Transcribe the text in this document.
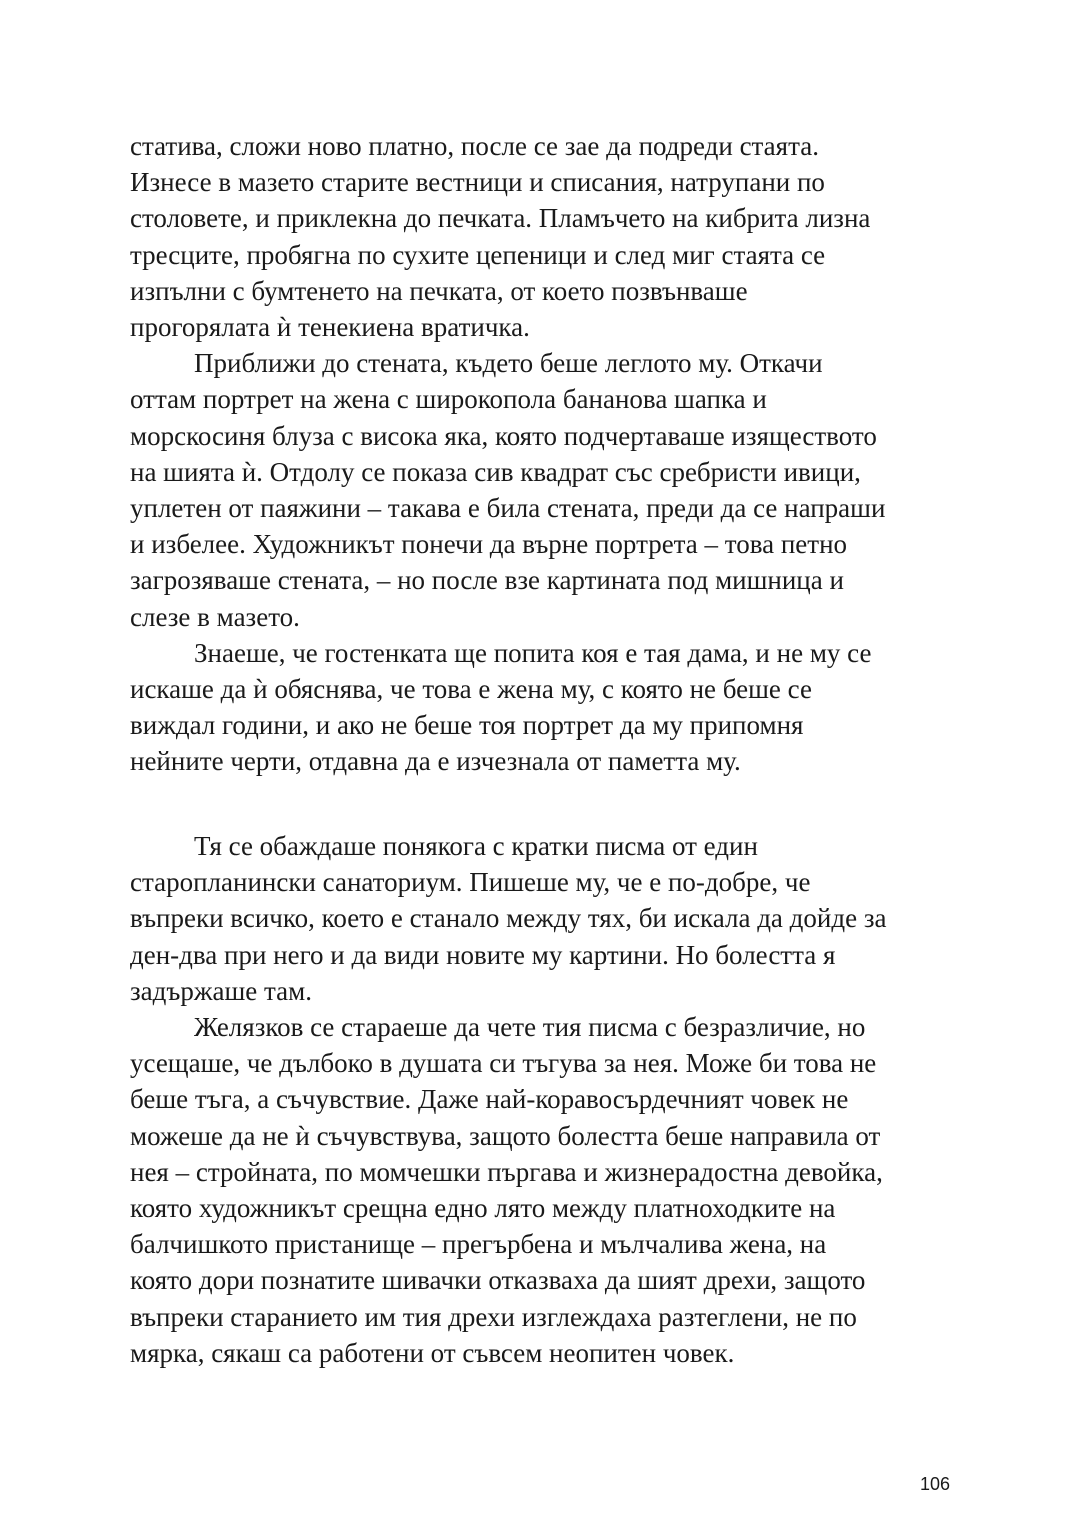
статива, сложи ново платно, после се зае да подреди стаята.
Изнесе в мазето старите вестници и списания, натрупани по
столовете, и приклекна до печката. Пламъчето на кибрита лизна
тресците, пробягна по сухите цепеници и след миг стаята се
изпълни с бумтенето на печката, от което позвънваше
прогорялата ѝ тенекиена вратичка.
Приближи до стената, където беше леглото му. Откачи
оттам портрет на жена с широкопола бананова шапка и
морскосиня блуза с висока яка, която подчертаваше изяществото
на шията ѝ. Отдолу се показа сив квадрат със сребристи ивици,
уплетен от паяжини – такава е била стената, преди да се напраши
и избелее. Художникът понечи да върне портрета – това петно
загрозяваше стената, – но после взе картината под мишница и
слезе в мазето.
Знаеше, че гостенката ще попита коя е тая дама, и не му се
искаше да ѝ обяснява, че това е жена му, с която не беше се
виждал години, и ако не беше тоя портрет да му припомня
нейните черти, отдавна да е изчезнала от паметта му.
Тя се обаждаше понякога с кратки писма от един
старопланински санаториум. Пишеше му, че е по-добре, че
въпреки всичко, което е станало между тях, би искала да дойде за
ден-два при него и да види новите му картини. Но болестта я
задържаше там.
Желязков се стараеше да чете тия писма с безразличие, но
усещаше, че дълбоко в душата си тъгува за нея. Може би това не
беше тъга, а съчувствие. Даже най-коравосърдечният човек не
можеше да не ѝ съчувствува, защото болестта беше направила от
нея – стройната, по момчешки пъргава и жизнерадостна девойка,
която художникът срещна едно лято между платноходките на
балчишкото пристанище – прегърбена и мълчалива жена, на
която дори познатите шивачки отказваха да шият дрехи, защото
въпреки старанието им тия дрехи изглеждаха разтеглени, не по
мярка, сякаш са работени от съвсем неопитен човек.
106
